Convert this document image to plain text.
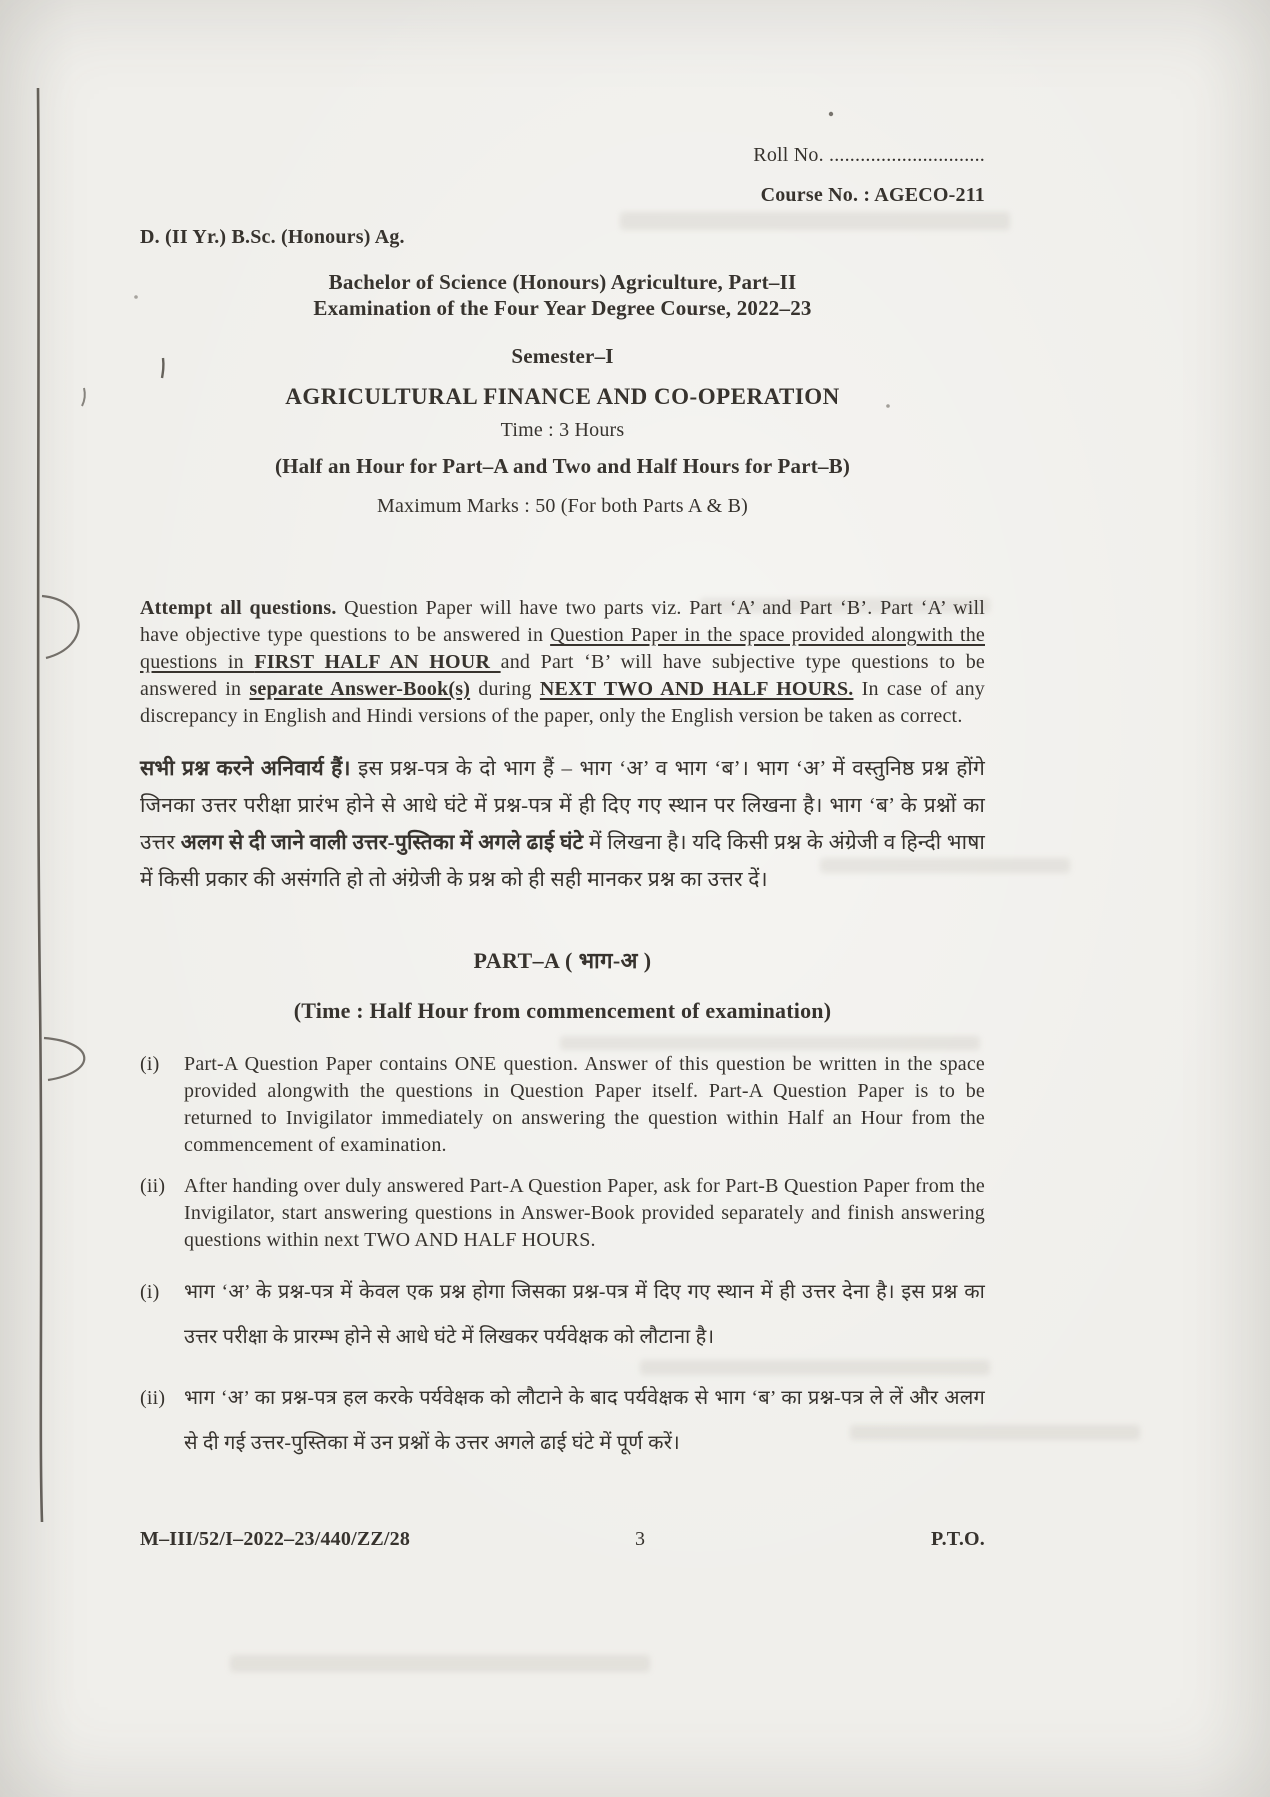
Roll No. ..............................
Course No. : AGECO-211
D. (II Yr.) B.Sc. (Honours) Ag.
Bachelor of Science (Honours) Agriculture, Part–II
Examination of the Four Year Degree Course, 2022–23
Semester–I
AGRICULTURAL FINANCE AND CO-OPERATION
Time : 3 Hours
(Half an Hour for Part–A and Two and Half Hours for Part–B)
Maximum Marks : 50 (For both Parts A & B)

Attempt all questions. Question Paper will have two parts viz. Part ‘A’ and Part ‘B’. Part ‘A’ will have objective type questions to be answered in Question Paper in the space provided alongwith the questions in FIRST HALF AN HOUR and Part ‘B’ will have subjective type questions to be answered in separate Answer-Book(s) during NEXT TWO AND HALF HOURS. In case of any discrepancy in English and Hindi versions of the paper, only the English version be taken as correct.

सभी प्रश्न करने अनिवार्य हैं। इस प्रश्न-पत्र के दो भाग हैं – भाग ‘अ’ व भाग ‘ब’। भाग ‘अ’ में वस्तुनिष्ठ प्रश्न होंगे जिनका उत्तर परीक्षा प्रारंभ होने से आधे घंटे में प्रश्न-पत्र में ही दिए गए स्थान पर लिखना है। भाग ‘ब’ के प्रश्नों का उत्तर अलग से दी जाने वाली उत्तर-पुस्तिका में अगले ढाई घंटे में लिखना है। यदि किसी प्रश्न के अंग्रेजी व हिन्दी भाषा में किसी प्रकार की असंगति हो तो अंग्रेजी के प्रश्न को ही सही मानकर प्रश्न का उत्तर दें।

PART–A ( भाग-अ )
(Time : Half Hour from commencement of examination)
(i)	Part-A Question Paper contains ONE question. Answer of this question be written in the space provided alongwith the questions in Question Paper itself. Part-A Question Paper is to be returned to Invigilator immediately on answering the question within Half an Hour from the commencement of examination.
(ii) After handing over duly answered Part-A Question Paper, ask for Part-B Question Paper from the Invigilator, start answering questions in Answer-Book provided separately and finish answering questions within next TWO AND HALF HOURS.
(i)	भाग ‘अ’ के प्रश्न-पत्र में केवल एक प्रश्न होगा जिसका प्रश्न-पत्र में दिए गए स्थान में ही उत्तर देना है। इस प्रश्न का उत्तर परीक्षा के प्रारम्भ होने से आधे घंटे में लिखकर पर्यवेक्षक को लौटाना है।
(ii) भाग ‘अ’ का प्रश्न-पत्र हल करके पर्यवेक्षक को लौटाने के बाद पर्यवेक्षक से भाग ‘ब’ का प्रश्न-पत्र ले लें और अलग से दी गई उत्तर-पुस्तिका में उन प्रश्नों के उत्तर अगले ढाई घंटे में पूर्ण करें।
M–III/52/I–2022–23/440/ZZ/28	3	P.T.O.
